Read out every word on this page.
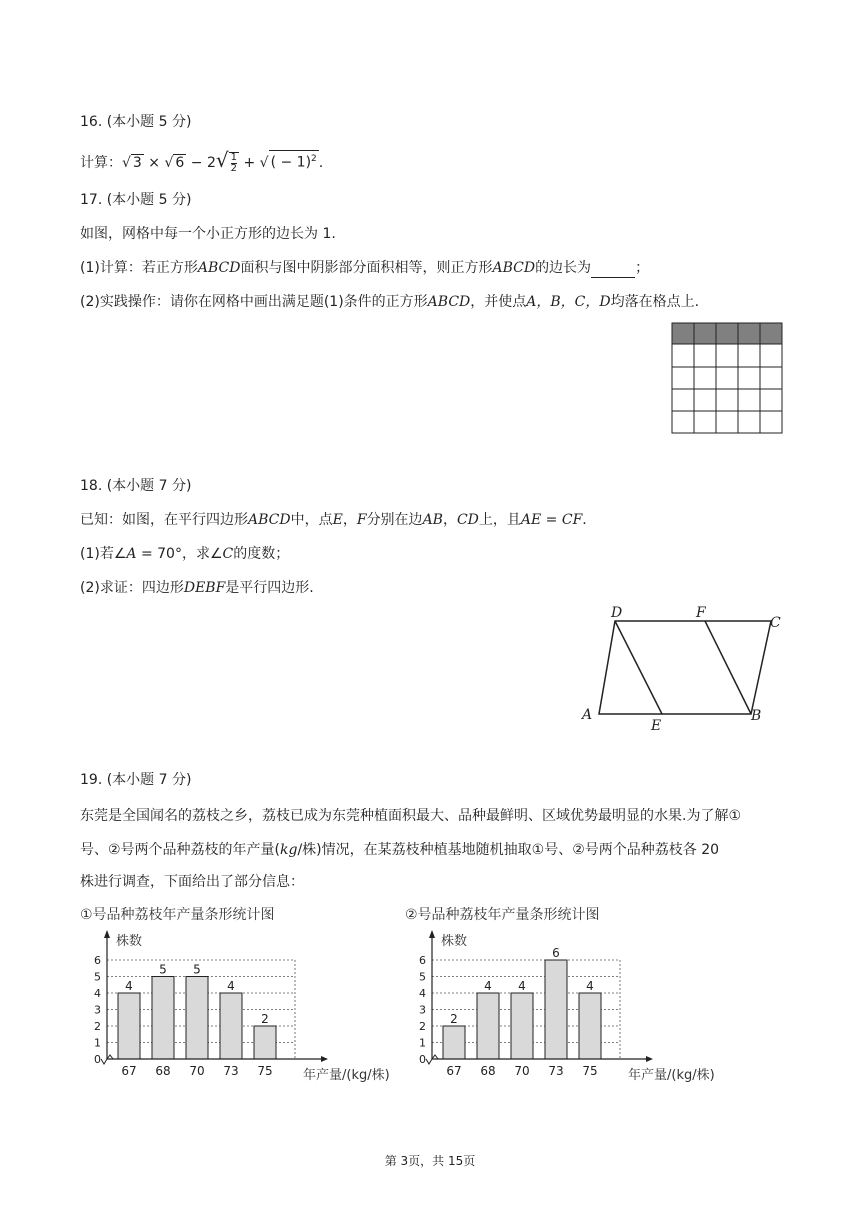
16. (本小题 5 分)
计算：√ 3 × √ $6 - 2√ \frac{1}{2}$ + √( − 1)$^2$ .
17. (本小题 5 分)
如图，网格中每一个小正方形的边长为 1.
(1)计算：若正方形ABCD面积与图中阴影部分面积相等，则正方形ABCD的边长为	；
(2)实践操作：请你在网格中画出满足题(1)条件的正方形ABCD，并使点A，B，C，D均落在格点上.
18. (本小题 7 分)
已知：如图，在平行四边形ABCD中，点E，F分别在边AB，CD上，且AE = CF.
(1)若∠A = 70°，求∠C的度数；
(2)求证：四边形DEBF是平行四边形.
D	F
C
A
E
B
19. (本小题 7 分)
东莞是全国闻名的荔枝之乡，荔枝已成为东莞种植面积最大、品种最鲜明、区域优势最明显的水果.为了解①
号、②号两个品种荔枝的年产量(kg/株)情况，在某荔枝种植基地随机抽取①号、②号两个品种荔枝各 20
株进行调查，下面给出了部分信息：
①号品种荔枝年产量条形统计图
株数
0
1
2
3
4
5
6
4
67
5
68
5
70
4
73
2
75 年产量/(kg/株)
②号品种荔枝年产量条形统计图
株数
0
1
2
3
4
5
6
2
67
4
68
4
70
6
73
4
75 年产量/(kg/株)
第 3页，共 15页
